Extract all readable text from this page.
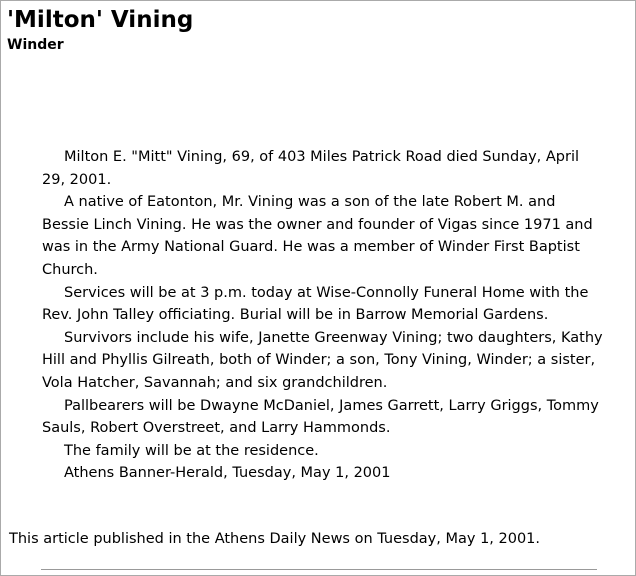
'Milton' Vining
Winder

Milton E. "Mitt" Vining, 69, of 403 Miles Patrick Road died Sunday, April 29, 2001.

A native of Eatonton, Mr. Vining was a son of the late Robert M. and Bessie Linch Vining. He was the owner and founder of Vigas since 1971 and was in the Army National Guard. He was a member of Winder First Baptist Church.

Services will be at 3 p.m. today at Wise-Connolly Funeral Home with the Rev. John Talley officiating. Burial will be in Barrow Memorial Gardens.

Survivors include his wife, Janette Greenway Vining; two daughters, Kathy Hill and Phyllis Gilreath, both of Winder; a son, Tony Vining, Winder; a sister, Vola Hatcher, Savannah; and six grandchildren.

Pallbearers will be Dwayne McDaniel, James Garrett, Larry Griggs, Tommy Sauls, Robert Overstreet, and Larry Hammonds.

The family will be at the residence.

Athens Banner-Herald, Tuesday, May 1, 2001

This article published in the Athens Daily News on Tuesday, May 1, 2001.
